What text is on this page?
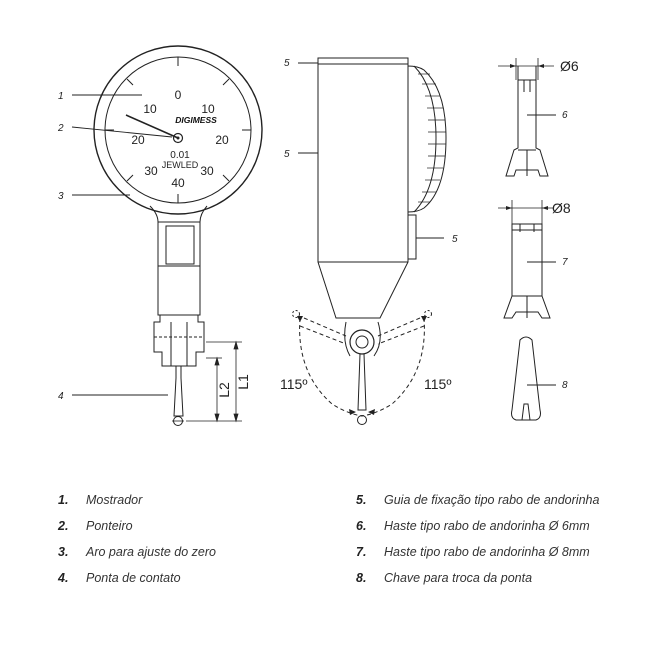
0
10
20
30
10
20
30
40
DIGIMESS
0.01
JEWLED
L1
L2
1
2
3
4
115º	115º
5
5
5
Ø6
6
Ø8
7
8
1. Mostrador
2. Ponteiro
3. Aro para ajuste do zero
4. Ponta de contato
5. Guia de fixação tipo rabo de andorinha
6. Haste tipo rabo de andorinha Ø 6mm
7. Haste tipo rabo de andorinha Ø 8mm
8. Chave para troca da ponta
